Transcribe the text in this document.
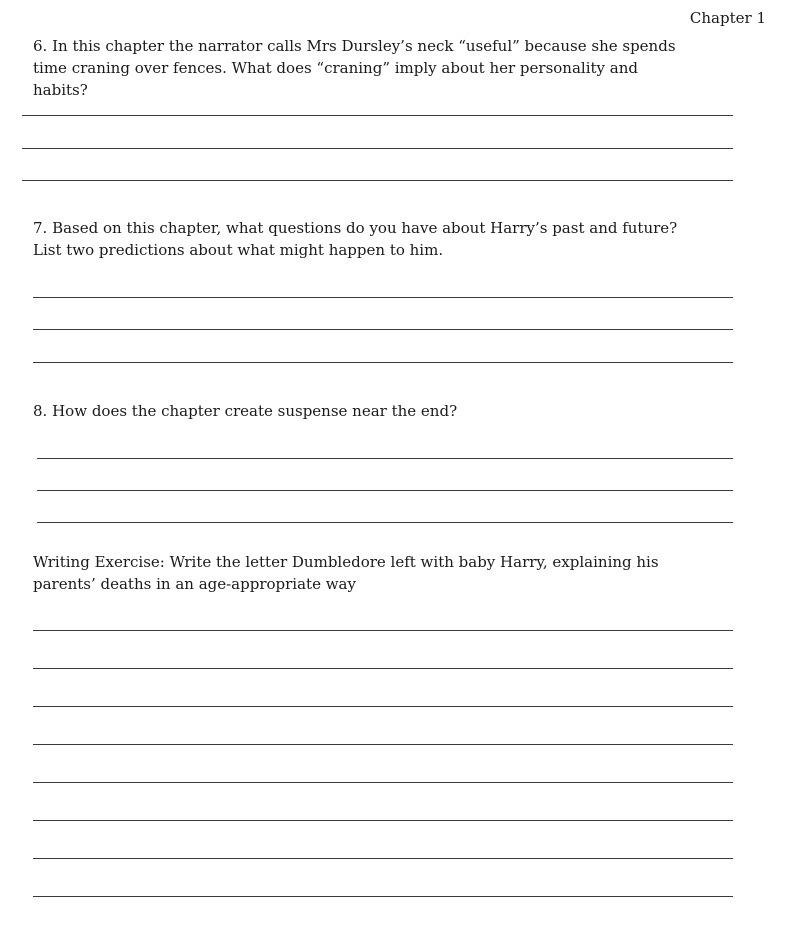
Chapter 1

6. In this chapter the narrator calls Mrs Dursley’s neck “useful” because she spends time craning over fences. What does “craning” imply about her personality and habits?

7. Based on this chapter, what questions do you have about Harry’s past and future? List two predictions about what might happen to him.

8. How does the chapter create suspense near the end?

Writing Exercise: Write the letter Dumbledore left with baby Harry, explaining his parents’ deaths in an age-appropriate way
